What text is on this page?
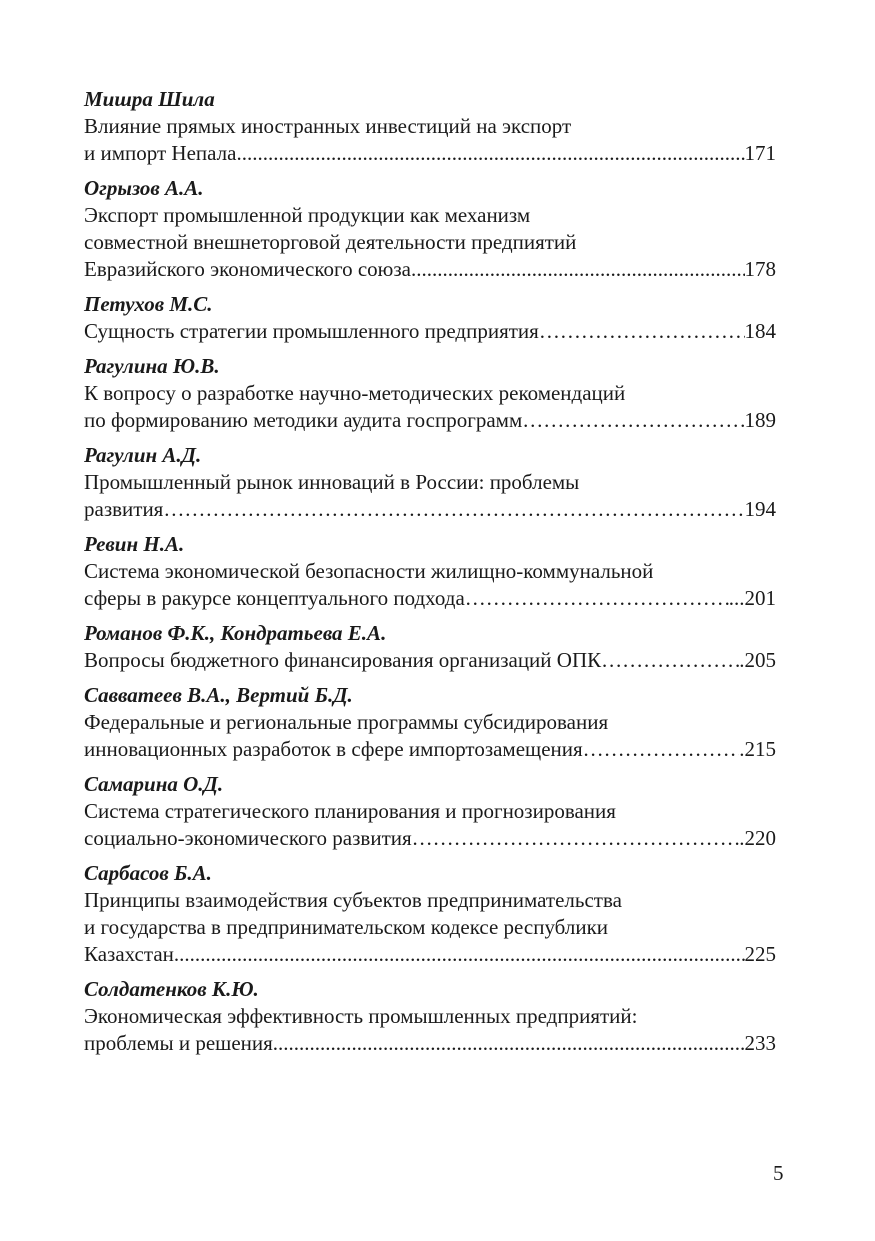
Мишра Шила
Влияние прямых иностранных инвестиций на экспорт
и импорт Непала .....	171
Огрызов А.А.
Экспорт промышленной продукции как механизм
совместной внешнеторговой деятельности предпиятий
Евразийского экономического союза .....	178
Петухов М.С.
Сущность стратегии промышленного предприятия …………………………………………………………………………………………………………………………………………………………………………………………………………	184
Рагулина Ю.В.
К вопросу о разработке научно-методических рекомендаций
по формированию методики аудита госпрограмм …………………………………………………………………………………………………………………………………………………………………………………………………………	189
Рагулин А.Д.
Промышленный рынок инноваций в России: проблемы
развития …………………………………………………………………………………………………………………………………………………………………………………………………………	194
Ревин Н.А.
Система экономической безопасности жилищно-коммунальной
сферы в ракурсе концептуального подхода …………………………………………………………………………………………………………………………………………………………………………………………………………	...201
Романов Ф.К., Кондратьева Е.А.
Вопросы бюджетного финансирования организаций ОПК …………………………………………………………………………………………………………………………………………………………………………………………………………	.205
Савватеев В.А., Вертий Б.Д.
Федеральные и региональные программы субсидирования
инновационных разработок в сфере импортозамещения …………………………………………………………………………………………………………………………………………………………………………………………………………	.215
Самарина О.Д.
Система стратегического планирования и прогнозирования
социально-экономического развития …………………………………………………………………………………………………………………………………………………………………………………………………………	.220
Сарбасов Б.А.
Принципы взаимодействия субъектов предпринимательства
и государства в предпринимательском кодексе республики
Казахстан .....	225
Солдатенков К.Ю.
Экономическая эффективность промышленных предприятий:
проблемы и решения .....	233
5
